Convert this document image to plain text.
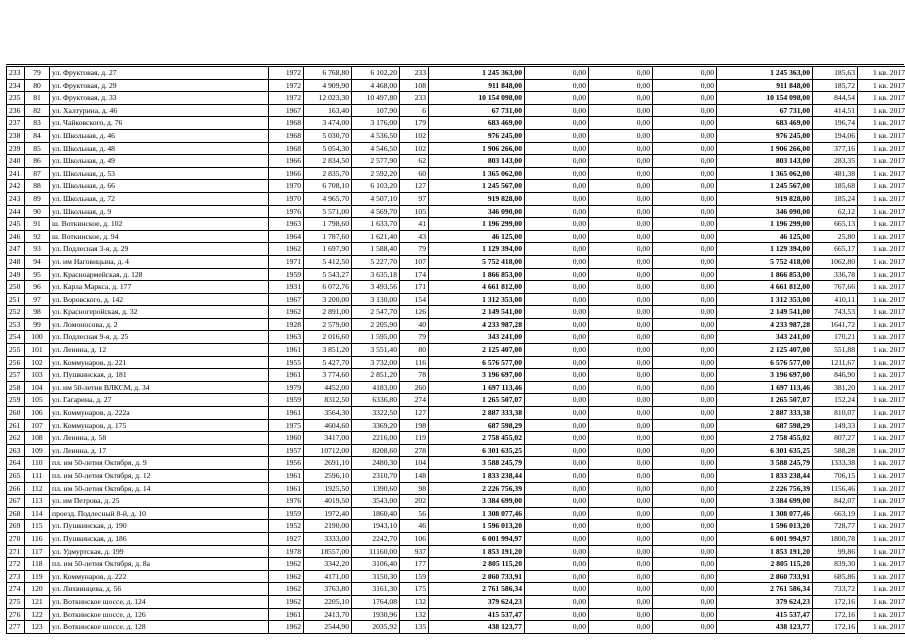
233	79	ул. Фруктовая, д. 27	1972	6 768,80	6 102,20	233	1 245 363,00	0,00	0,00	0,00	1 245 363,00	185,63	1 кв. 2017
234	80	ул. Фруктовая, д. 29	1972	4 909,90	4 468,00	108	911 848,00	0,00	0,00	0,00	911 848,00	185,72	1 кв. 2017
235	81	ул. Фруктовая, д. 33	1972	12 023,30	10 497,80	233	10 154 098,00	0,00	0,00	0,00	10 154 098,00	844,54	1 кв. 2017
236	82	ул. Халтурина, д. 46	1967	163,40	107,90	6	67 731,00	0,00	0,00	0,00	67 731,00	414,51	1 кв. 2017
237	83	ул. Чайковского, д. 76	1968	3 474,00	3 176,00	179	683 469,00	0,00	0,00	0,00	683 469,00	196,74	1 кв. 2017
238	84	ул. Школьная, д. 46	1968	5 030,70	4 536,50	102	976 245,00	0,00	0,00	0,00	976 245,00	194,06	1 кв. 2017
239	85	ул. Школьная, д. 48	1968	5 054,30	4 546,50	102	1 906 266,00	0,00	0,00	0,00	1 906 266,00	377,16	1 кв. 2017
240	86	ул. Школьная, д. 49	1966	2 834,50	2 577,90	62	803 143,00	0,00	0,00	0,00	803 143,00	283,35	1 кв. 2017
241	87	ул. Школьная, д. 53	1966	2 835,70	2 592,20	60	1 365 062,00	0,00	0,00	0,00	1 365 062,00	481,38	1 кв. 2017
242	88	ул. Школьная, д. 66	1970	6 708,10	6 103,20	127	1 245 567,00	0,00	0,00	0,00	1 245 567,00	185,68	1 кв. 2017
243	89	ул. Школьная, д. 72	1970	4 965,70	4 507,10	97	919 828,00	0,00	0,00	0,00	919 828,00	185,24	1 кв. 2017
244	90	ул. Школьная, д. 9	1976	5 571,00	4 569,70	105	346 090,00	0,00	0,00	0,00	346 090,00	62,12	1 кв. 2017
245	91	ш. Воткинское, д. 102	1963	1 798,60	1 633,70	41	1 196 299,00	0,00	0,00	0,00	1 196 299,00	665,13	1 кв. 2017
246	92	ш. Воткинское, д. 94	1964	1 787,60	1 621,40	43	46 125,00	0,00	0,00	0,00	46 125,00	25,80	1 кв. 2017
247	93	ул. Подлесная 3-я, д. 29	1962	1 697,90	1 588,40	79	1 129 394,00	0,00	0,00	0,00	1 129 394,00	665,17	1 кв. 2017
248	94	ул. им Наговицына, д. 4	1971	5 412,50	5 227,70	107	5 752 418,00	0,00	0,00	0,00	5 752 418,00	1062,80	1 кв. 2017
249	95	ул. Красноармейская, д. 128	1959	5 543,27	3 635,18	174	1 866 853,00	0,00	0,00	0,00	1 866 853,00	336,78	1 кв. 2017
250	96	ул. Карла Маркса, д. 177	1931	6 072,76	3 493,56	171	4 661 812,00	0,00	0,00	0,00	4 661 812,00	767,66	1 кв. 2017
251	97	ул. Воровского, д. 142	1967	3 200,00	3 130,00	154	1 312 353,00	0,00	0,00	0,00	1 312 353,00	410,11	1 кв. 2017
252	98	ул. Красногеройская, д. 32	1962	2 891,00	2 547,70	126	2 149 541,00	0,00	0,00	0,00	2 149 541,00	743,53	1 кв. 2017
253	99	ул. Ломоносова, д. 2	1928	2 579,00	2 205,90	40	4 233 987,28	0,00	0,00	0,00	4 233 987,28	1641,72	1 кв. 2017
254	100	ул. Подлесная 9-я, д. 25	1963	2 016,60	1 595,00	79	343 241,00	0,00	0,00	0,00	343 241,00	170,21	1 кв. 2017
255	101	ул. Ленина, д. 12	1961	3 851,20	3 551,40	80	2 125 407,00	0,00	0,00	0,00	2 125 407,00	551,88	1 кв. 2017
256	102	ул. Коммунаров, д. 221	1955	5 427,70	3 732,00	116	6 576 577,00	0,00	0,00	0,00	6 576 577,00	1211,67	1 кв. 2017
257	103	ул. Пушкинская, д. 181	1961	3 774,60	2 851,20	78	3 196 697,00	0,00	0,00	0,00	3 196 697,00	846,90	1 кв. 2017
258	104	ул. им 50-летия ВЛКСМ, д. 34	1979	4452,00	4183,00	260	1 697 113,46	0,00	0,00	0,00	1 697 113,46	381,20	1 кв. 2017
259	105	ул. Гагарина, д. 27	1959	8312,50	6336,80	274	1 265 507,07	0,00	0,00	0,00	1 265 507,07	152,24	1 кв. 2017
260	106	ул. Коммунаров, д. 222а	1961	3564,30	3322,50	127	2 887 333,38	0,00	0,00	0,00	2 887 333,38	810,07	1 кв. 2017
261	107	ул. Коммунаров, д. 175	1975	4604,60	3369,20	198	687 598,29	0,00	0,00	0,00	687 598,29	149,33	1 кв. 2017
262	108	ул. Ленина, д. 58	1960	3417,00	2216,00	119	2 758 455,02	0,00	0,00	0,00	2 758 455,02	807,27	1 кв. 2017
263	109	ул. Ленина, д. 17	1957	10712,00	8208,60	278	6 301 635,25	0,00	0,00	0,00	6 301 635,25	588,28	1 кв. 2017
264	110	пл. им 50-летия Октября, д. 9	1956	2691,10	2480,30	104	3 588 245,79	0,00	0,00	0,00	3 588 245,79	1333,38	1 кв. 2017
265	111	пл. им 50-летия Октября, д. 12	1961	2596,10	2310,70	148	1 833 238,44	0,00	0,00	0,00	1 833 238,44	706,15	1 кв. 2017
266	112	пл. им 50-летия Октября, д. 14	1961	1925,50	1390,60	98	2 226 756,39	0,00	0,00	0,00	2 226 756,39	1156,46	1 кв. 2017
267	113	ул. им Петрова, д. 25	1976	4019,50	3543,00	202	3 384 699,00	0,00	0,00	0,00	3 384 699,00	842,07	1 кв. 2017
268	114	проезд. Подлесный 8-й, д. 10	1959	1972,40	1860,40	56	1 308 077,46	0,00	0,00	0,00	1 308 077,46	663,19	1 кв. 2017
269	115	ул. Пушкинская, д. 190	1952	2190,00	1943,10	46	1 596 013,20	0,00	0,00	0,00	1 596 013,20	728,77	1 кв. 2017
270	116	ул. Пушкинская, д. 186	1927	3333,00	2242,70	106	6 001 994,97	0,00	0,00	0,00	6 001 994,97	1800,78	1 кв. 2017
271	117	ул. Удмуртская, д. 199	1978	18557,00	11160,00	937	1 853 191,20	0,00	0,00	0,00	1 853 191,20	99,86	1 кв. 2017
272	118	пл. им 50-летия Октября, д. 8а	1962	3342,20	3106,40	177	2 805 115,20	0,00	0,00	0,00	2 805 115,20	839,30	1 кв. 2017
273	119	ул. Коммунаров, д. 222	1962	4171,00	3150,30	159	2 860 733,91	0,00	0,00	0,00	2 860 733,91	685,86	1 кв. 2017
274	120	ул. Лихвинцева, д. 56	1962	3763,80	3161,30	175	2 761 586,34	0,00	0,00	0,00	2 761 586,34	733,72	1 кв. 2017
275	121	ул. Воткинское шоссе, д. 124	1962	2205,10	1764,08	132	379 624,23	0,00	0,00	0,00	379 624,23	172,16	1 кв. 2017
276	122	ул. Воткинское шоссе, д. 126	1961	2413,70	1930,96	132	415 537,47	0,00	0,00	0,00	415 537,47	172,16	1 кв. 2017
277	123	ул. Воткинское шоссе, д. 128	1962	2544,90	2035,92	135	438 123,77	0,00	0,00	0,00	438 123,77	172,16	1 кв. 2017
